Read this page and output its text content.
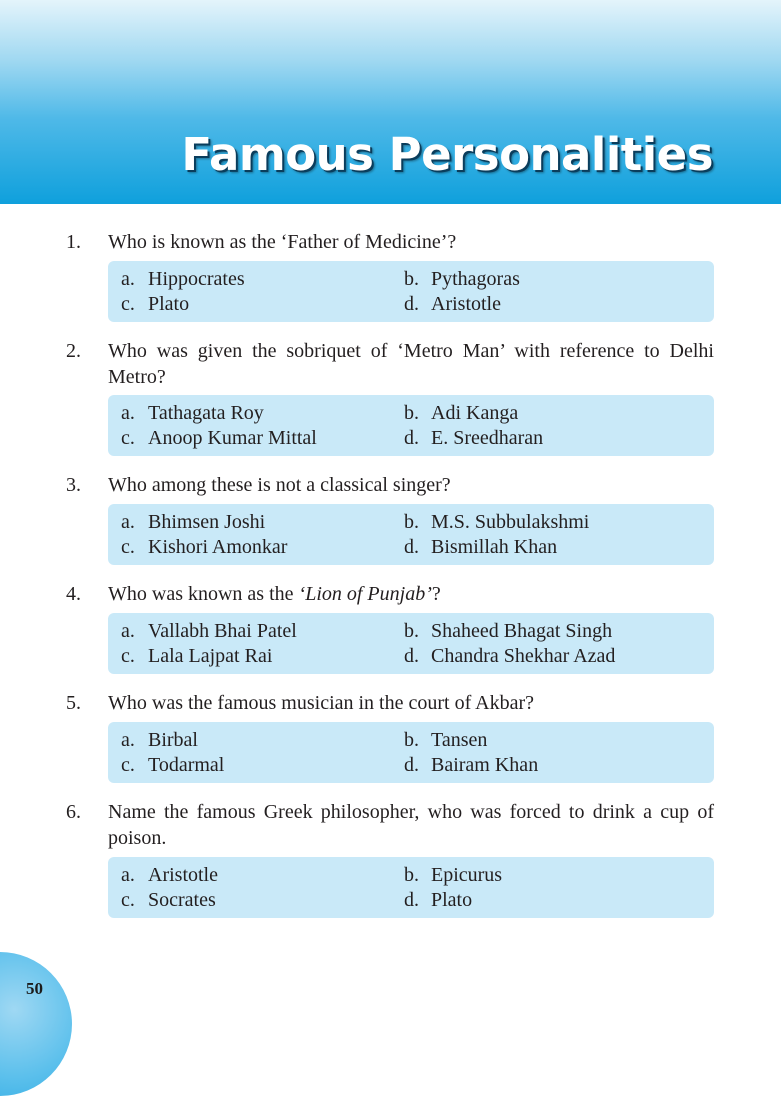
Famous Personalities
1. Who is known as the ‘Father of Medicine’?
a. Hippocrates	b. Pythagoras
c. Plato	d. Aristotle
2. Who was given the sobriquet of ‘Metro Man’ with reference to Delhi Metro?
a. Tathagata Roy	b. Adi Kanga
c. Anoop Kumar Mittal	d. E. Sreedharan
3. Who among these is not a classical singer?
a. Bhimsen Joshi	b. M.S. Subbulakshmi
c. Kishori Amonkar	d. Bismillah Khan
4. Who was known as the ‘Lion of Punjab’?
a. Vallabh Bhai Patel	b. Shaheed Bhagat Singh
c. Lala Lajpat Rai	d. Chandra Shekhar Azad
5. Who was the famous musician in the court of Akbar?
a. Birbal	b. Tansen
c. Todarmal	d. Bairam Khan
6. Name the famous Greek philosopher, who was forced to drink a cup of poison.
a. Aristotle	b. Epicurus
c. Socrates	d. Plato
50
